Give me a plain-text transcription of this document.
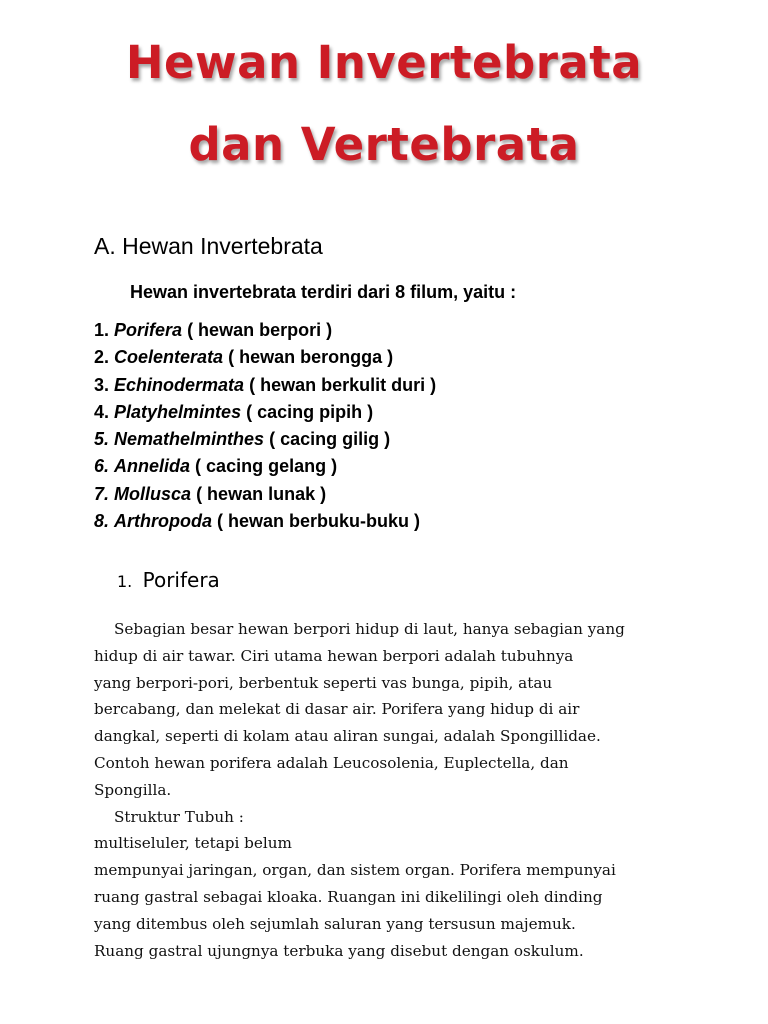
Hewan Invertebrata
dan Vertebrata
A. Hewan Invertebrata
Hewan invertebrata terdiri dari 8 filum, yaitu :
1. Porifera ( hewan berpori )
2. Coelenterata ( hewan berongga )
3. Echinodermata ( hewan berkulit duri )
4. Platyhelmintes ( cacing pipih )
5. Nemathelminthes ( cacing gilig )
6. Annelida ( cacing gelang )
7. Mollusca ( hewan lunak )
8. Arthropoda ( hewan berbuku-buku )
1. Porifera
Sebagian besar hewan berpori hidup di laut, hanya sebagian yang
hidup di air tawar. Ciri utama hewan berpori adalah tubuhnya
yang berpori-pori, berbentuk seperti vas bunga, pipih, atau
bercabang, dan melekat di dasar air. Porifera yang hidup di air
dangkal, seperti di kolam atau aliran sungai, adalah Spongillidae.
Contoh hewan porifera adalah Leucosolenia, Euplectella, dan
Spongilla.
Struktur Tubuh :
multiseluler, tetapi belum
mempunyai jaringan, organ, dan sistem organ. Porifera mempunyai
ruang gastral sebagai kloaka. Ruangan ini dikelilingi oleh dinding
yang ditembus oleh sejumlah saluran yang tersusun majemuk.
Ruang gastral ujungnya terbuka yang disebut dengan oskulum.
